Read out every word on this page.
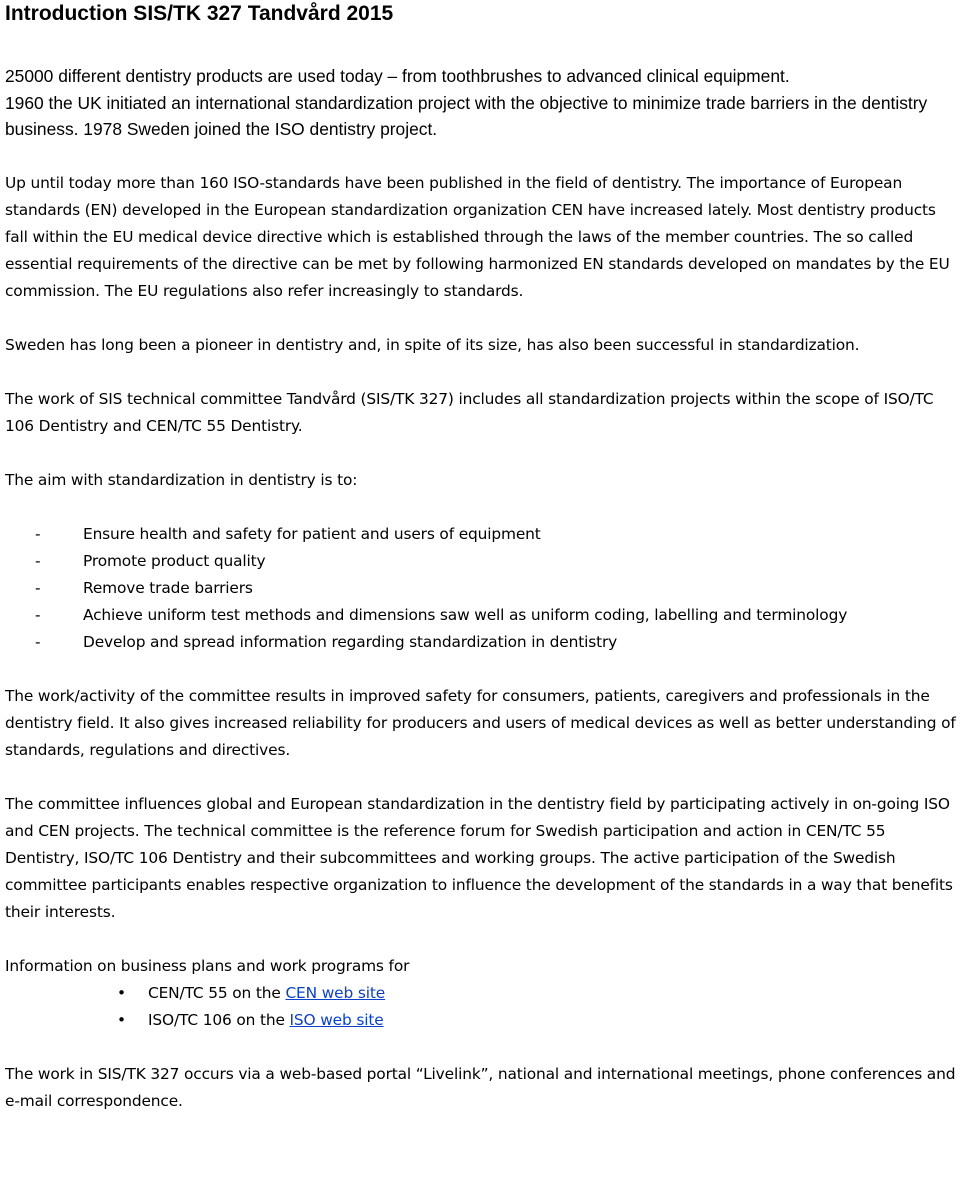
Introduction SIS/TK 327 Tandvård 2015

25000 different dentistry products are used today – from toothbrushes to advanced clinical equipment.

1960 the UK initiated an international standardization project with the objective to minimize trade barriers in the dentistry business. 1978 Sweden joined the ISO dentistry project.

Up until today more than 160 ISO-standards have been published in the field of dentistry. The importance of European standards (EN) developed in the European standardization organization CEN have increased lately. Most dentistry products fall within the EU medical device directive which is established through the laws of the member countries. The so called essential requirements of the directive can be met by following harmonized EN standards developed on mandates by the EU commission. The EU regulations also refer increasingly to standards.

Sweden has long been a pioneer in dentistry and, in spite of its size, has also been successful in standardization.

The work of SIS technical committee Tandvård (SIS/TK 327) includes all standardization projects within the scope of ISO/TC 106 Dentistry and CEN/TC 55 Dentistry.

The aim with standardization in dentistry is to:

-	Ensure health and safety for patient and users of equipment
-	Promote product quality
-	Remove trade barriers
-	Achieve uniform test methods and dimensions saw well as uniform coding, labelling and terminology
-	Develop and spread information regarding standardization in dentistry

The work/activity of the committee results in improved safety for consumers, patients, caregivers and professionals in the dentistry field. It also gives increased reliability for producers and users of medical devices as well as better understanding of standards, regulations and directives.

The committee influences global and European standardization in the dentistry field by participating actively in on-going ISO and CEN projects. The technical committee is the reference forum for Swedish participation and action in CEN/TC 55 Dentistry, ISO/TC 106 Dentistry and their subcommittees and working groups. The active participation of the Swedish committee participants enables respective organization to influence the development of the standards in a way that benefits their interests.

Information on business plans and work programs for

• CEN/TC 55 on the CEN web site
• ISO/TC 106 on the ISO web site

The work in SIS/TK 327 occurs via a web-based portal “Livelink”, national and international meetings, phone conferences and e-mail correspondence.
